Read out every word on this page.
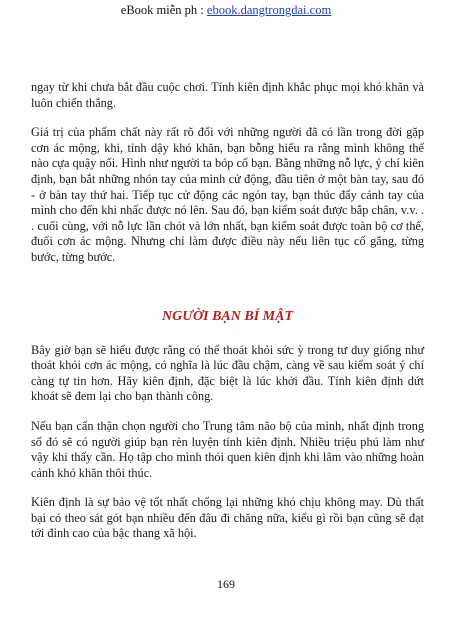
eBook miễn ph : ebook.dangtrongdai.com

ngay từ khi chưa bắt đầu cuộc chơi. Tính kiên định khắc phục mọi khó khăn và luôn chiến thắng.

Giá trị của phẩm chất này rất rõ đối với những người đã có lần trong đời gặp cơn ác mộng, khi, tỉnh dậy khó khăn, bạn bỗng hiểu ra rằng mình không thể nào cựa quậy nổi. Hình như người ta bóp cổ bạn. Bằng những nỗ lực, ý chí kiên định, bạn bắt những nhón tay của mình cử động, đầu tiên ở một bàn tay, sau đó - ở bàn tay thứ hai. Tiếp tục cử động các ngón tay, bạn thúc đẩy cánh tay của mình cho đến khi nhấc được nó lên. Sau đó, bạn kiểm soát được bắp chân, v.v. . . cuối cùng, với nỗ lực lần chót và lớn nhất, bạn kiểm soát được toàn bộ cơ thể, đuổi cơn ác mộng. Nhưng chỉ làm được điều này nếu liên tục cố gắng, từng bước, từng bước.

NGƯỜI BẠN BÍ MẬT

Bây giờ bạn sẽ hiểu được rằng có thể thoát khỏi sức ỳ trong tư duy giống như thoát khỏi cơn ác mộng, có nghĩa là lúc đầu chậm, càng về sau kiểm soát ý chí càng tự tin hơn. Hãy kiên định, đặc biệt là lúc khởi đầu. Tính kiên định dứt khoát sẽ đem lại cho bạn thành công.

Nếu bạn cẩn thận chọn người cho Trung tâm não bộ của mình, nhất định trong số đó sẽ có người giúp bạn rèn luyện tính kiên định. Nhiều triệu phú làm như vậy khi thấy cần. Họ tập cho mình thói quen kiên định khi lâm vào những hoàn cảnh khó khăn thôi thúc.

Kiên định là sự bảo vệ tốt nhất chống lại những khó chịu không may. Dù thất bại có theo sát gót bạn nhiều đến đâu đi chăng nữa, kiểu gì rồi bạn cũng sẽ đạt tới đỉnh cao của bậc thang xã hội.

169
